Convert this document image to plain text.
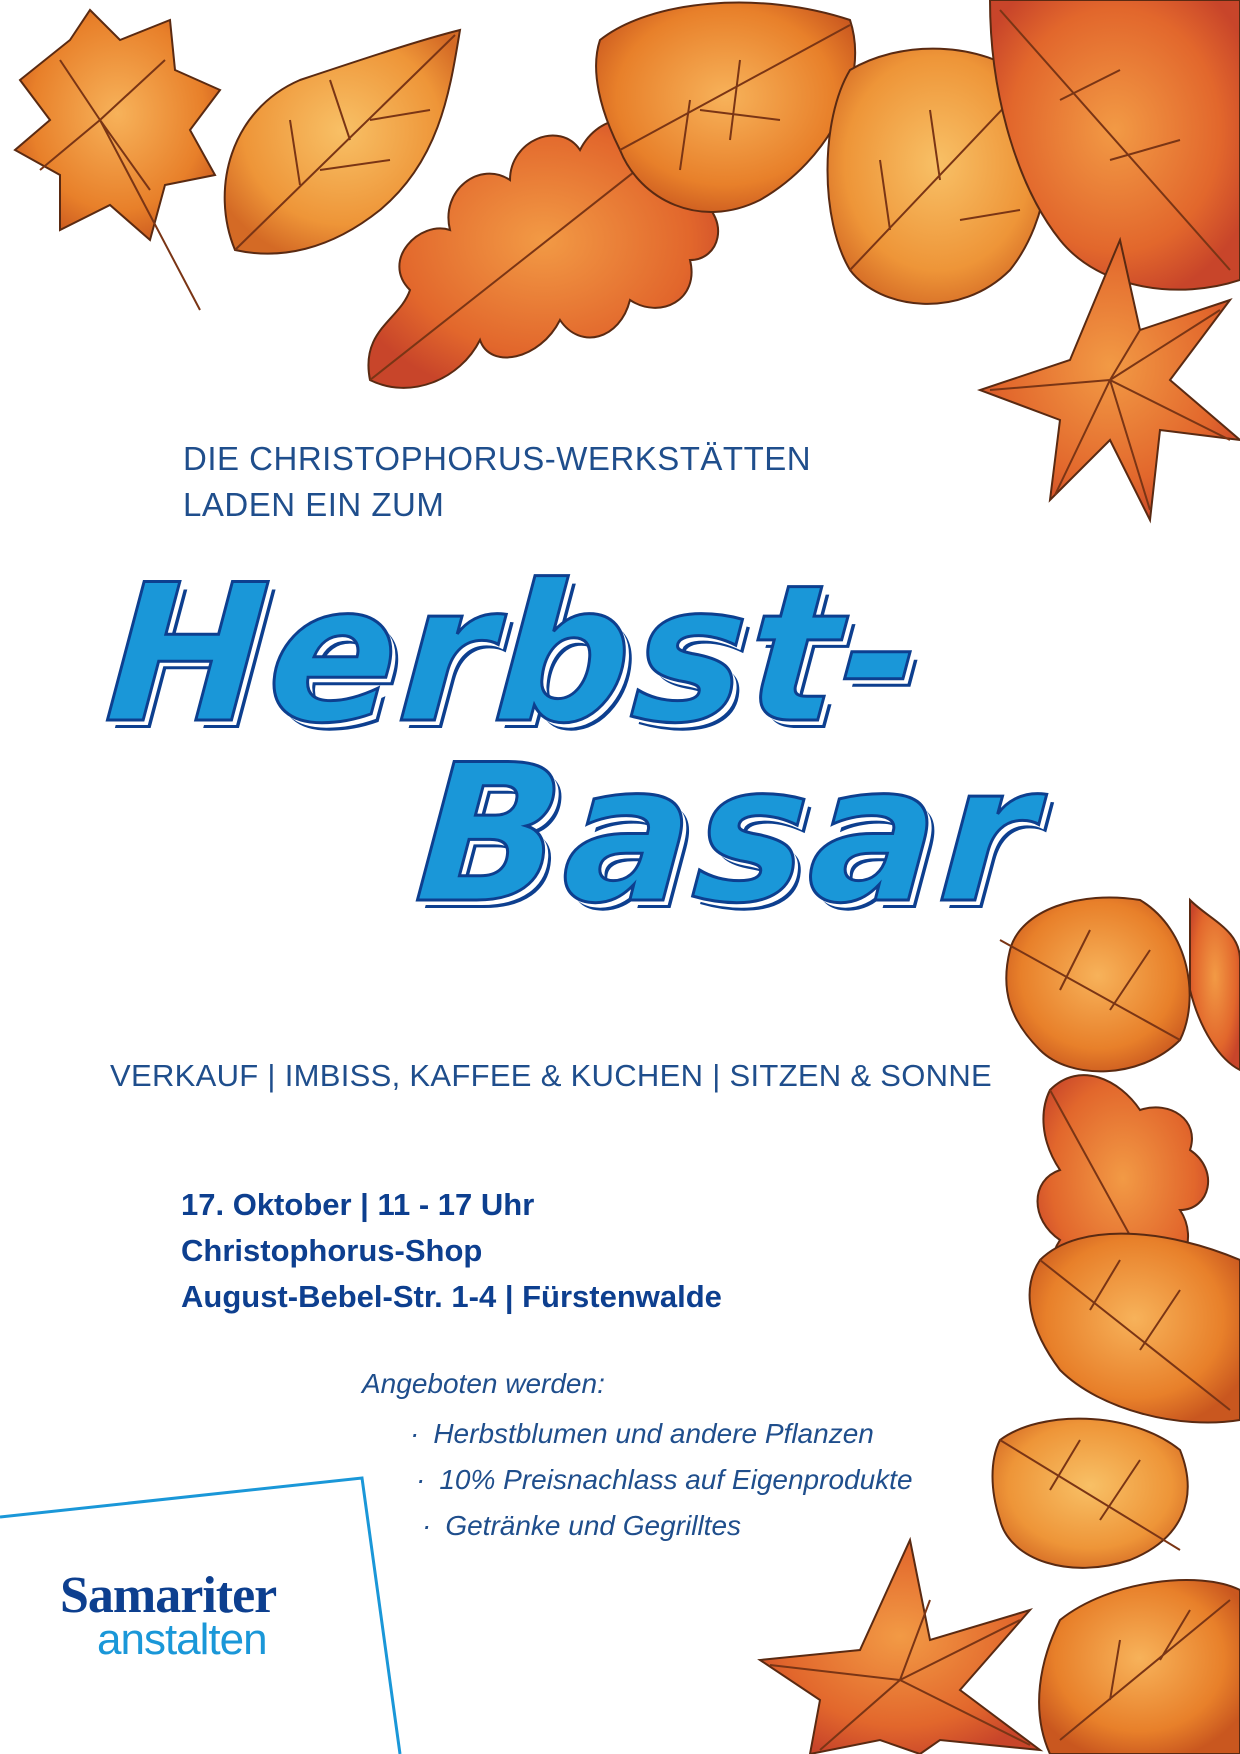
DIE CHRISTOPHORUS-WERKSTÄTTEN
LADEN EIN ZUM
Herbst-
Basar
VERKAUF | IMBISS, KAFFEE & KUCHEN | SITZEN & SONNE
17. Oktober | 11 - 17 Uhr
Christophorus-Shop
August-Bebel-Str. 1-4 | Fürstenwalde
Angeboten werden:
· Herbstblumen und andere Pflanzen
· 10% Preisnachlass auf Eigenprodukte
· Getränke und Gegrilltes
Samariter
anstalten
